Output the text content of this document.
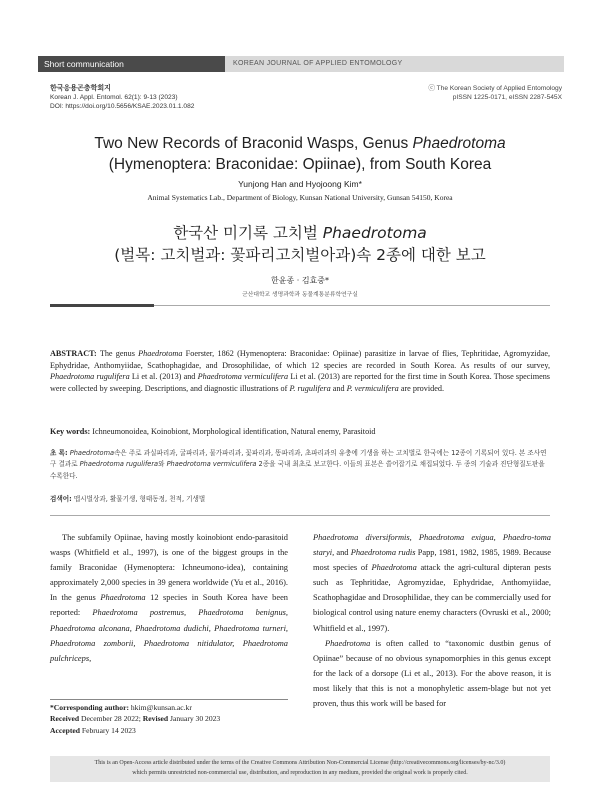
Short communication	KOREAN JOURNAL OF APPLIED ENTOMOLOGY
한국응용곤충학회지
Korean J. Appl. Entomol. 62(1): 9-13 (2023)
DOI: https://doi.org/10.5656/KSAE.2023.01.1.082
ⓒ The Korean Society of Applied Entomology
pISSN 1225-0171, eISSN 2287-545X
Two New Records of Braconid Wasps, Genus Phaedrotoma
(Hymenoptera: Braconidae: Opiinae), from South Korea
Yunjong Han and Hyojoong Kim*
Animal Systematics Lab., Department of Biology, Kunsan National University, Gunsan 54150, Korea
한국산 미기록 고치벌 Phaedrotoma
(벌목: 고치벌과: 꽃파리고치벌아과)속 2종에 대한 보고
한윤종 · 김효중*
군산대학교 생명과학과 동물계통분류학연구실
ABSTRACT: The genus Phaedrotoma Foerster, 1862 (Hymenoptera: Braconidae: Opiinae) parasitize in larvae of flies, Tephritidae, Agromyzidae, Ephydridae, Anthomyiidae, Scathophagidae, and Drosophilidae, of which 12 species are recorded in South Korea. As results of our survey, Phaedrotoma rugulifera Li et al. (2013) and Phaedrotoma vermiculifera Li et al. (2013) are reported for the first time in South Korea. Those specimens were collected by sweeping. Descriptions, and diagnostic illustrations of P. rugulifera and P. vermiculifera are provided.
Key words: Ichneumonoidea, Koinobiont, Morphological identification, Natural enemy, Parasitoid
초 록: Phaedrotoma속은 주로 과실파리과, 굴파리과, 물가파리과, 꽃파리과, 똥파리과, 초파리과의 유충에 기생을 하는 고치벌로 한국에는 12종이 기록되어 있다. 본 조사연구 결과로 Phaedrotoma rugulifera와 Phaedrotoma vermiculifera 2종을 국내 최초로 보고한다. 이들의 표본은 쓸어잡기로 채집되었다. 두 종의 기술과 진단형질도판을 수록한다.
검색어: 맵시벌상과, 활물기생, 형태동정, 천적, 기생벌

The subfamily Opiinae, having mostly koinobiont endo-parasitoid wasps (Whitfield et al., 1997), is one of the biggest groups in the family Braconidae (Hymenoptera: Ichneumono-idea), containing approximately 2,000 species in 39 genera worldwide (Yu et al., 2016). In the genus Phaedrotoma 12 species in South Korea have been reported: Phaedrotoma postremus, Phaedrotoma benignus, Phaedrotoma alconana, Phaedrotoma dudichi, Phaedrotoma turneri, Phaedrotoma zomborii, Phaedrotoma nitidulator, Phaedrotoma pulchriceps,

Phaedrotoma diversiformis, Phaedrotoma exigua, Phaedro-toma staryi, and Phaedrotoma rudis Papp, 1981, 1982, 1985, 1989. Because most species of Phaedrotoma attack the agri-cultural dipteran pests such as Tephritidae, Agromyzidae, Ephydridae, Anthomyiidae, Scathophagidae and Drosophilidae, they can be commercially used for biological control using nature enemy characters (Ovruski et al., 2000; Whitfield et al., 1997).

Phaedrotoma is often called to “taxonomic dustbin genus of Opiinae” because of no obvious synapomorphies in this genus except for the lack of a dorsope (Li et al., 2013). For the above reason, it is most likely that this is not a monophyletic assem-blage but not yet proven, thus this work will be based for

*Corresponding author: hkim@kunsan.ac.kr
Received December 28 2022; Revised January 30 2023
Accepted February 14 2023
This is an Open-Access article distributed under the terms of the Creative Commons Attribution Non-Commercial License (http://creativecommons.org/licenses/by-nc/3.0)
which permits unrestricted non-commercial use, distribution, and reproduction in any medium, provided the original work is properly cited.
